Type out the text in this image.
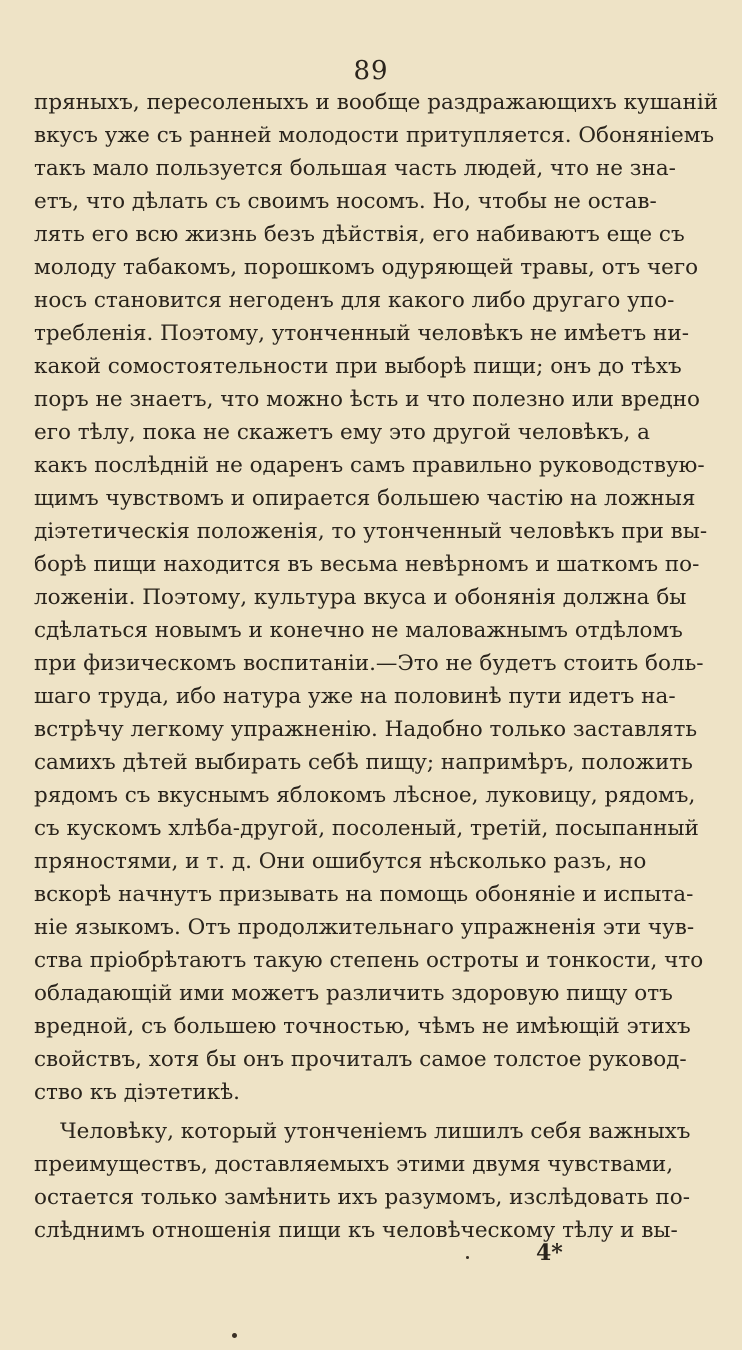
89
пряныхъ, пересоленыхъ и вообще раздражающихъ кушаній
вкусъ уже съ ранней молодости притупляется. Обоняніемъ
такъ мало пользуется большая часть людей, что не зна-
етъ, что дѣлать съ своимъ носомъ. Но, чтобы не остав-
лять его всю жизнь безъ дѣйствія, его набиваютъ еще съ
молоду табакомъ, порошкомъ одуряющей травы, отъ чего
носъ становится негоденъ для какого либо другаго упо-
требленія. Поэтому, утонченный человѣкъ не имѣетъ ни-
какой сомостоятельности при выборѣ пищи; онъ до тѣхъ
поръ не знаетъ, что можно ѣсть и что полезно или вредно
его тѣлу, пока не скажетъ ему это другой человѣкъ, а
какъ послѣдній не одаренъ самъ правильно руководствую-
щимъ чувствомъ и опирается большею частію на ложныя
діэтетическія положенія, то утонченный человѣкъ при вы-
борѣ пищи находится въ весьма невѣрномъ и шаткомъ по-
ложеніи. Поэтому, культура вкуса и обонянія должна бы
сдѣлаться новымъ и конечно не маловажнымъ отдѣломъ
при физическомъ воспитаніи.—Это не будетъ стоить боль-
шаго труда, ибо натура уже на половинѣ пути идетъ на-
встрѣчу легкому упражненію. Надобно только заставлять
самихъ дѣтей выбирать себѣ пищу; напримѣръ, положить
рядомъ съ вкуснымъ яблокомъ лѣсное, луковицу, рядомъ,
съ кускомъ хлѣба-другой, посоленый, третій, посыпанный
пряностями, и т. д. Они ошибутся нѣсколько разъ, но
вскорѣ начнутъ призывать на помощь обоняніе и испыта-
ніе языкомъ. Отъ продолжительнаго упражненія эти чув-
ства пріобрѣтаютъ такую степень остроты и тонкости, что
обладающій ими можетъ различить здоровую пищу отъ
вредной, съ большею точностью, чѣмъ не имѣющій этихъ
свойствъ, хотя бы онъ прочиталъ самое толстое руковод-
ство къ діэтетикѣ.
Человѣку, который утонченіемъ лишилъ себя важныхъ
преимуществъ, доставляемыхъ этими двумя чувствами,
остается только замѣнить ихъ разумомъ, изслѣдовать по-
слѣднимъ отношенія пищи къ человѣческому тѣлу и вы-
4*
